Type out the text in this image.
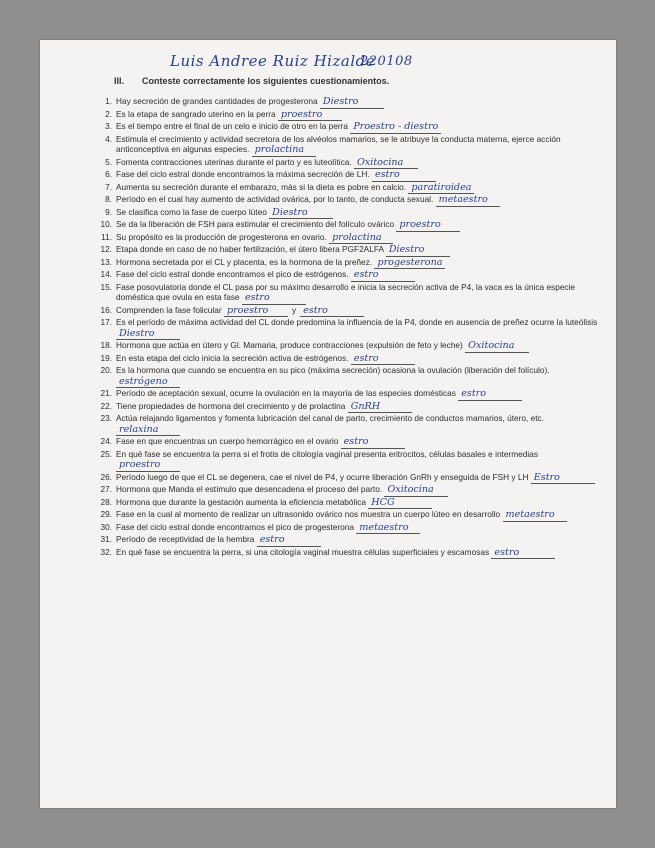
Luis Andree Ruiz Hizalde
220108
III. Conteste correctamente los siguientes cuestionamientos.
1. Hay secreción de grandes cantidades de progesterona Diestro
2. Es la etapa de sangrado uterino en la perra proestro
3. Es el tiempo entre el final de un celo e inicio de otro en la perra Proestro - diestro
4. Estimula el crecimiento y actividad secretora de los alvéolos mamarios, se le atribuye la conducta materna, ejerce acción anticonceptiva en algunas especies. prolactina
5. Fomenta contracciones uterinas durante el parto y es luteolítica. Oxitocina
6. Fase del ciclo estral donde encontramos la máxima secreción de LH. estro
7. Aumenta su secreción durante el embarazo, más si la dieta es pobre en calcio. paratiroidea
8. Período en el cual hay aumento de actividad ovárica, por lo tanto, de conducta sexual. metaestro
9. Se clasifica como la fase de cuerpo lúteo Diestro
10. Se da la liberación de FSH para estimular el crecimiento del folículo ovárico proestro
11. Su propósito es la producción de progesterona en ovario. prolactina
12. Etapa donde en caso de no haber fertilización, el útero libera PGF2ALFA Diestro
13. Hormona secretada por el CL y placenta, es la hormona de la preñez. progesterona
14. Fase del ciclo estral donde encontramos el pico de estrógenos. estro
15. Fase posovulatoria donde el CL pasa por su máximo desarrollo e inicia la secreción activa de P4, la vaca es la única especie doméstica que ovula en esta fase estro
16. Comprenden la fase folicular proestro	y estro
17. Es el período de máxima actividad del CL donde predomina la influencia de la P4, donde en ausencia de preñez ocurre la luteólisis Diestro
18. Hormona que actúa en útero y Gl. Mamaria, produce contracciones (expulsión de feto y leche) Oxitocina
19. En esta etapa del ciclo inicia la secreción activa de estrógenos. estro
20. Es la hormona que cuando se encuentra en su pico (máxima secreción) ocasiona la ovulación (liberación del folículo). estrógeno
21. Período de aceptación sexual, ocurre la ovulación en la mayoría de las especies domésticas estro
22. Tiene propiedades de hormona del crecimiento y de prolactina GnRH
23. Actúa relajando ligamentos y fomenta lubricación del canal de parto, crecimiento de conductos mamarios, útero, etc. relaxina
24. Fase en que encuentras un cuerpo hemorrágico en el ovario estro
25. En qué fase se encuentra la perra si el frotis de citología vaginal presenta eritrocitos, células basales e intermedias proestro
26. Período luego de que el CL se degenera, cae el nivel de P4, y ocurre liberación GnRh y enseguida de FSH y LH Estro
27. Hormona que Manda el estímulo que desencadena el proceso del parto. Oxitocina
28. Hormona que durante la gestación aumenta la eficiencia metabólica HCG
29. Fase en la cual al momento de realizar un ultrasonido ovárico nos muestra un cuerpo lúteo en desarrollo metaestro
30. Fase del ciclo estral donde encontramos el pico de progesterona metaestro
31. Período de receptividad de la hembra estro
32. En qué fase se encuentra la perra, si una citología vaginal muestra células superficiales y escamosas estro
